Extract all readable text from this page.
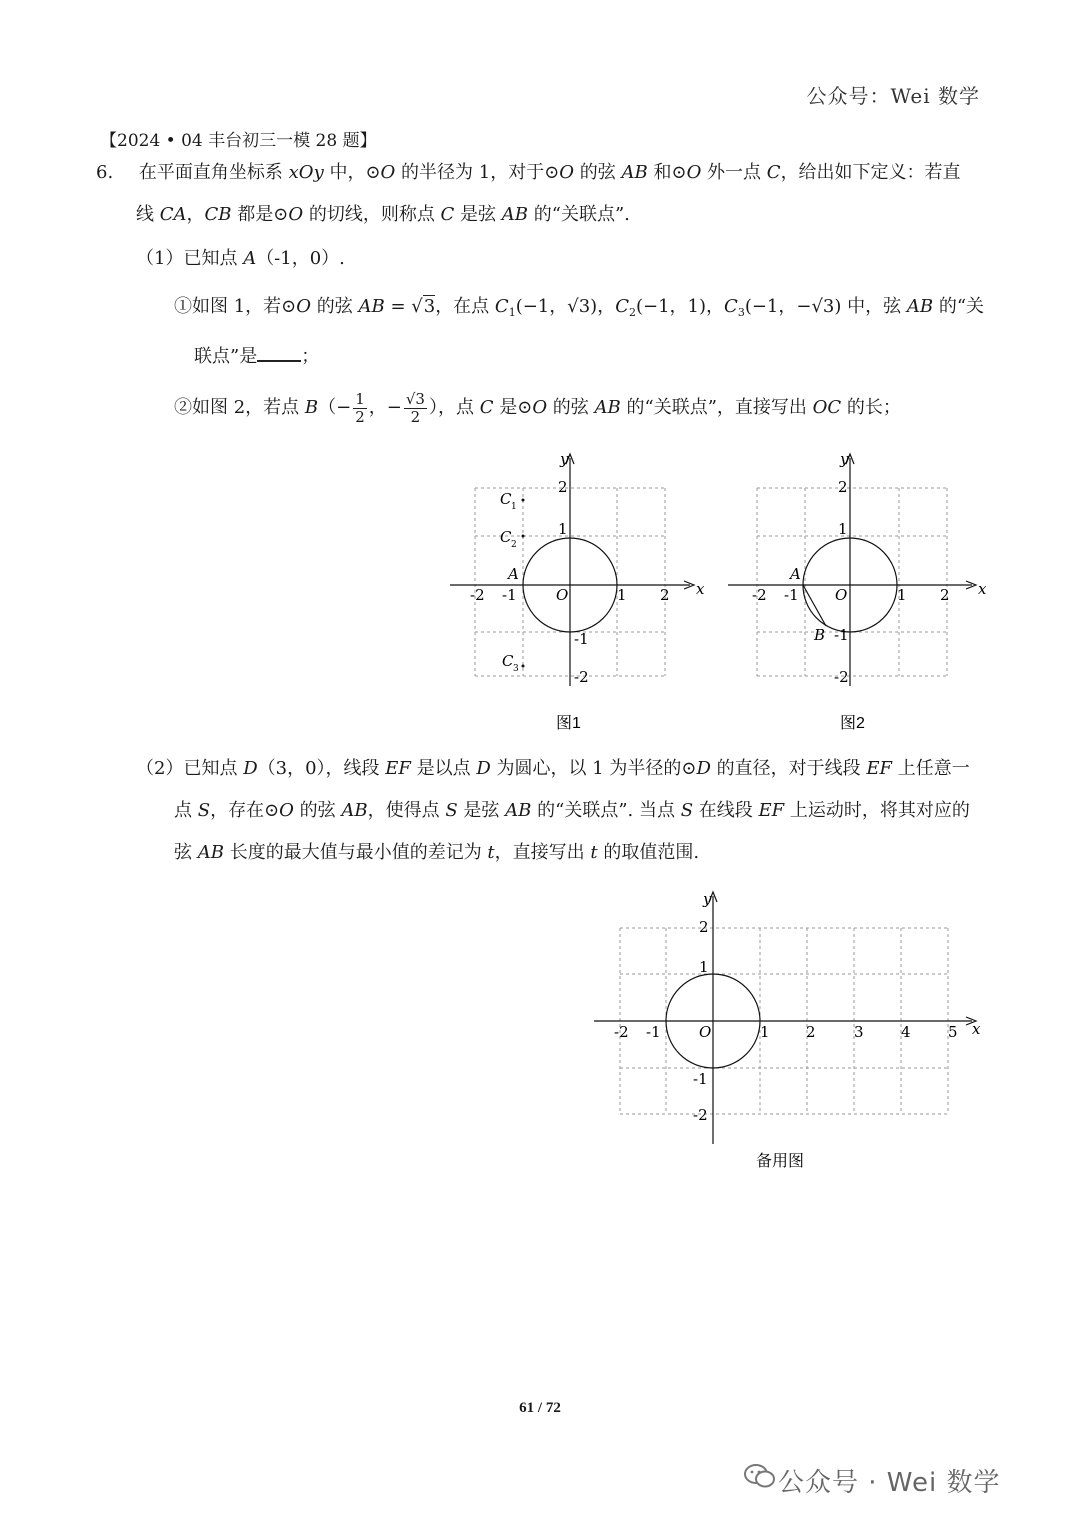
公众号：Wei 数学
【2024 • 04 丰台初三一模 28 题】
6. 在平面直角坐标系 xOy 中，⊙O 的半径为 1，对于⊙O 的弦 AB 和⊙O 外一点 C，给出如下定义：若直
线 CA，CB 都是⊙O 的切线，则称点 C 是弦 AB 的“关联点”.
（1）已知点 A（-1，0）.
①如图 1，若⊙O 的弦 AB = √3，在点 $C_1(-1$，√3)，$C_2(-1$，1)，$C_3(-1$，−√3) 中，弦 AB 的“关
联点”是 ；
②如图 2，若点 $B(- \frac{1}{2}$ ，− $\frac{√3}{2}$ ），点 C 是⊙O 的弦 AB 的“关联点”，直接写出 OC 的长；
x
y
O
-2 -1	1 2
2
1
-1
-2
A
C 1
C 2
C 3
图1
x
y
O
-2 -1	1 2
2
1
-1
-2
A
B
图2
（2）已知点 D（3，0），线段 EF 是以点 D 为圆心，以 1 为半径的⊙D 的直径，对于线段 EF 上任意一
点 S，存在⊙O 的弦 AB，使得点 S 是弦 AB 的“关联点”. 当点 S 在线段 EF 上运动时，将其对应的
弦 AB 长度的最大值与最小值的差记为 t，直接写出 t 的取值范围.
x
y
O
-2 -1	1 2	3 4 5
2
1
-1
-2
备用图
61 / 72
公众号 · Wei 数学
